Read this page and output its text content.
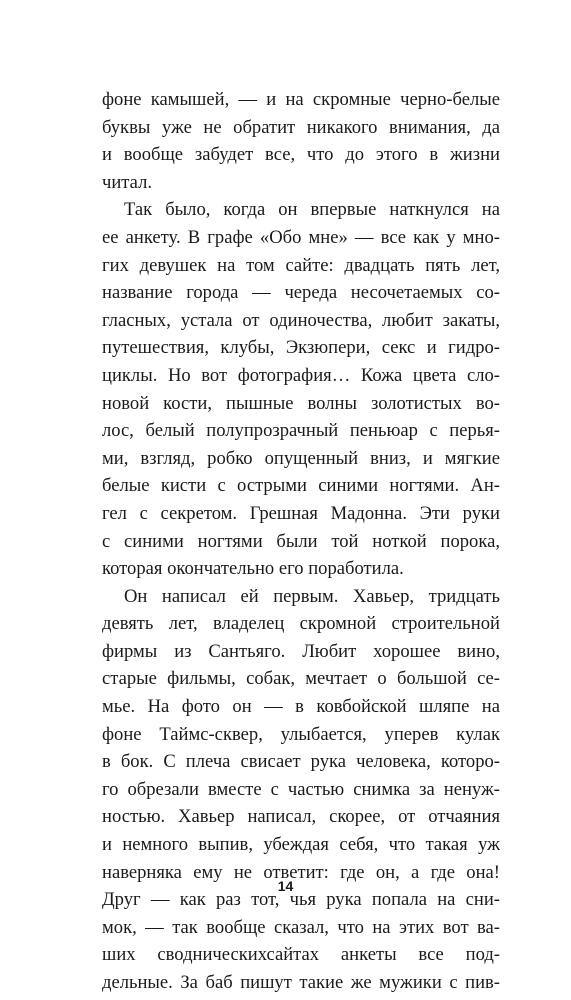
фоне камышей, — и на скромные черно-белые
буквы уже не обратит никакого внимания, да
и вообще забудет все, что до этого в жизни
читал.
Так было, когда он впервые наткнулся на
ее анкету. В графе «Обо мне» — все как у мно-
гих девушек на том сайте: двадцать пять лет,
название города — череда несочетаемых со-
гласных, устала от одиночества, любит закаты,
путешествия, клубы, Экзюпери, секс и гидро-
циклы. Но вот фотография… Кожа цвета сло-
новой кости, пышные волны золотистых во-
лос, белый полупрозрачный пеньюар с перья-
ми, взгляд, робко опущенный вниз, и мягкие
белые кисти с острыми синими ногтями. Ан-
гел с секретом. Грешная Мадонна. Эти руки
с синими ногтями были той ноткой порока,
которая окончательно его поработила.
Он написал ей первым. Хавьер, тридцать
девять лет, владелец скромной строительной
фирмы из Сантьяго. Любит хорошее вино,
старые фильмы, собак, мечтает о большой се-
мье. На фото он — в ковбойской шляпе на
фоне Таймс-сквер, улыбается, уперев кулак
в бок. С плеча свисает рука человека, которо-
го обрезали вместе с частью снимка за ненуж-
ностью. Хавьер написал, скорее, от отчаяния
и немного выпив, убеждая себя, что такая уж
наверняка ему не ответит: где он, а где она!
Друг — как раз тот, чья рука попала на сни-
мок, — так вообще сказал, что на этих вот ва-
ших сводническихсайтах анкеты все под-
дельные. За баб пишут такие же мужики с пив-
14
